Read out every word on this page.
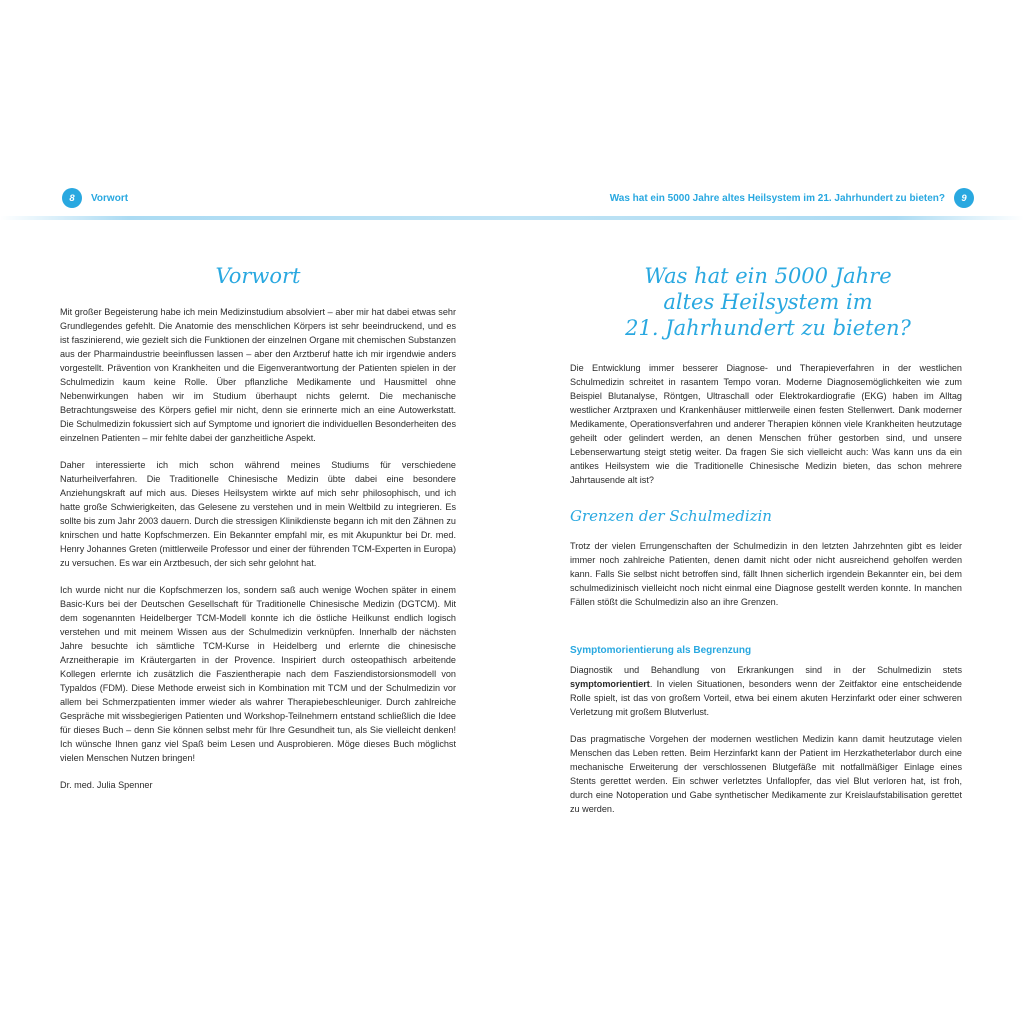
8	Vorwort
Vorwort

Mit großer Begeisterung habe ich mein Medizinstudium absolviert – aber mir hat dabei etwas sehr Grundlegendes gefehlt. Die Anatomie des menschlichen Körpers ist sehr beeindruckend, und es ist faszinierend, wie gezielt sich die Funktionen der einzelnen Organe mit chemischen Substanzen aus der Pharmaindustrie beeinflussen lassen – aber den Arztberuf hatte ich mir irgendwie anders vorgestellt. Prävention von Krankheiten und die Eigenverantwortung der Patienten spielen in der Schulmedizin kaum keine Rolle. Über pflanzliche Medikamente und Hausmittel ohne Nebenwirkungen haben wir im Studium überhaupt nichts gelernt. Die mechanische Betrachtungsweise des Körpers gefiel mir nicht, denn sie erinnerte mich an eine Autowerkstatt. Die Schulmedizin fokussiert sich auf Symptome und ignoriert die individuellen Besonderheiten des einzelnen Patienten – mir fehlte dabei der ganzheitliche Aspekt.

Daher interessierte ich mich schon während meines Studiums für verschiedene Naturheilverfahren. Die Traditionelle Chinesische Medizin übte dabei eine besondere Anziehungskraft auf mich aus. Dieses Heilsystem wirkte auf mich sehr philosophisch, und ich hatte große Schwierigkeiten, das Gelesene zu verstehen und in mein Weltbild zu integrieren. Es sollte bis zum Jahr 2003 dauern. Durch die stressigen Klinikdienste begann ich mit den Zähnen zu knirschen und hatte Kopfschmerzen. Ein Bekannter empfahl mir, es mit Akupunktur bei Dr. med. Henry Johannes Greten (mittlerweile Professor und einer der führenden TCM-Experten in Europa) zu versuchen. Es war ein Arztbesuch, der sich sehr gelohnt hat.

Ich wurde nicht nur die Kopfschmerzen los, sondern saß auch wenige Wochen später in einem Basic-Kurs bei der Deutschen Gesellschaft für Traditionelle Chinesische Medizin (DGTCM). Mit dem sogenannten Heidelberger TCM-Modell konnte ich die östliche Heilkunst endlich logisch verstehen und mit meinem Wissen aus der Schulmedizin verknüpfen. Innerhalb der nächsten Jahre besuchte ich sämtliche TCM-Kurse in Heidelberg und erlernte die chinesische Arzneitherapie im Kräutergarten in der Provence. Inspiriert durch osteopathisch arbeitende Kollegen erlernte ich zusätzlich die Faszientherapie nach dem Fasziendistorsionsmodell von Typaldos (FDM). Diese Methode erweist sich in Kombination mit TCM und der Schulmedizin vor allem bei Schmerzpatienten immer wieder als wahrer Therapiebeschleuniger. Durch zahlreiche Gespräche mit wissbegierigen Patienten und Workshop-Teilnehmern entstand schließlich die Idee für dieses Buch – denn Sie können selbst mehr für Ihre Gesundheit tun, als Sie vielleicht denken! Ich wünsche Ihnen ganz viel Spaß beim Lesen und Ausprobieren. Möge dieses Buch möglichst vielen Menschen Nutzen bringen!

Dr. med. Julia Spenner

Was hat ein 5000 Jahre altes Heilsystem im 21. Jahrhundert zu bieten?	9
Was hat ein 5000 Jahre
altes Heilsystem im
21. Jahrhundert zu bieten?

Die Entwicklung immer besserer Diagnose- und Therapieverfahren in der westlichen Schulmedizin schreitet in rasantem Tempo voran. Moderne Diagnosemöglichkeiten wie zum Beispiel Blutanalyse, Röntgen, Ultraschall oder Elektrokardiografie (EKG) haben im Alltag westlicher Arztpraxen und Krankenhäuser mittlerweile einen festen Stellenwert. Dank moderner Medikamente, Operationsverfahren und anderer Therapien können viele Krankheiten heutzutage geheilt oder gelindert werden, an denen Menschen früher gestorben sind, und unsere Lebenserwartung steigt stetig weiter. Da fragen Sie sich vielleicht auch: Was kann uns da ein antikes Heilsystem wie die Traditionelle Chinesische Medizin bieten, das schon mehrere Jahrtausende alt ist?

Grenzen der Schulmedizin

Trotz der vielen Errungenschaften der Schulmedizin in den letzten Jahrzehnten gibt es leider immer noch zahlreiche Patienten, denen damit nicht oder nicht ausreichend geholfen werden kann. Falls Sie selbst nicht betroffen sind, fällt Ihnen sicherlich irgendein Bekannter ein, bei dem schulmedizinisch vielleicht noch nicht einmal eine Diagnose gestellt werden konnte. In manchen Fällen stößt die Schulmedizin also an ihre Grenzen.

Symptomorientierung als Begrenzung

Diagnostik und Behandlung von Erkrankungen sind in der Schulmedizin stets symptomorientiert. In vielen Situationen, besonders wenn der Zeitfaktor eine entscheidende Rolle spielt, ist das von großem Vorteil, etwa bei einem akuten Herzinfarkt oder einer schweren Verletzung mit großem Blutverlust.

Das pragmatische Vorgehen der modernen westlichen Medizin kann damit heutzutage vielen Menschen das Leben retten. Beim Herzinfarkt kann der Patient im Herzkatheterlabor durch eine mechanische Erweiterung der verschlossenen Blutgefäße mit notfallmäßiger Einlage eines Stents gerettet werden. Ein schwer verletztes Unfallopfer, das viel Blut verloren hat, ist froh, durch eine Notoperation und Gabe synthetischer Medikamente zur Kreislaufstabilisation gerettet zu werden.
